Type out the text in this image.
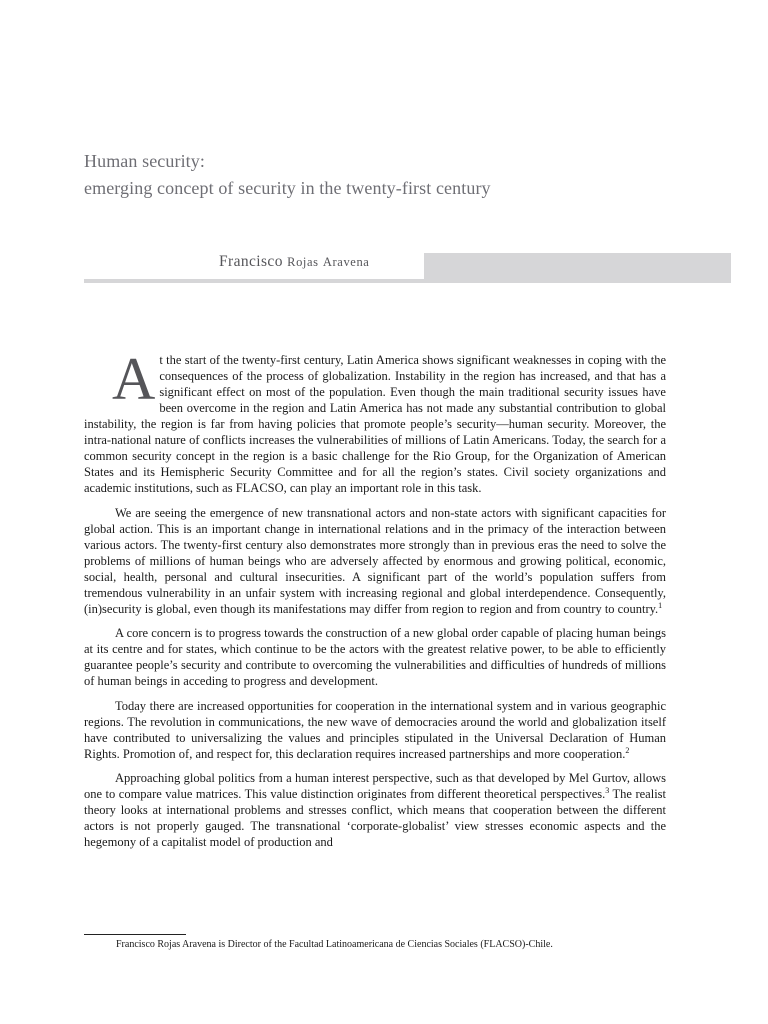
Human security:
emerging concept of security in the twenty-first century
Francisco Rojas Aravena

At the start of the twenty-first century, Latin America shows significant weaknesses in coping with the consequences of the process of globalization. Instability in the region has increased, and that has a significant effect on most of the population. Even though the main traditional security issues have been overcome in the region and Latin America has not made any substantial contribution to global instability, the region is far from having policies that promote people’s security—human security. Moreover, the intra-national nature of conflicts increases the vulnerabilities of millions of Latin Americans. Today, the search for a common security concept in the region is a basic challenge for the Rio Group, for the Organization of American States and its Hemispheric Security Committee and for all the region’s states. Civil society organizations and academic institutions, such as FLACSO, can play an important role in this task.

We are seeing the emergence of new transnational actors and non-state actors with significant capacities for global action. This is an important change in international relations and in the primacy of the interaction between various actors. The twenty-first century also demonstrates more strongly than in previous eras the need to solve the problems of millions of human beings who are adversely affected by enormous and growing political, economic, social, health, personal and cultural insecurities. A significant part of the world’s population suffers from tremendous vulnerability in an unfair system with increasing regional and global interdependence. Consequently, (in)security is global, even though its manifestations may differ from region to region and from country to country.$^1$

A core concern is to progress towards the construction of a new global order capable of placing human beings at its centre and for states, which continue to be the actors with the greatest relative power, to be able to efficiently guarantee people’s security and contribute to overcoming the vulnerabilities and difficulties of hundreds of millions of human beings in acceding to progress and development.

Today there are increased opportunities for cooperation in the international system and in various geographic regions. The revolution in communications, the new wave of democracies around the world and globalization itself have contributed to universalizing the values and principles stipulated in the Universal Declaration of Human Rights. Promotion of, and respect for, this declaration requires increased partnerships and more cooperation.$^2$

Approaching global politics from a human interest perspective, such as that developed by Mel Gurtov, allows one to compare value matrices. This value distinction originates from different theoretical perspectives.$^3$ The realist theory looks at international problems and stresses conflict, which means that cooperation between the different actors is not properly gauged. The transnational ‘corporate-globalist’ view stresses economic aspects and the hegemony of a capitalist model of production and

Francisco Rojas Aravena is Director of the Facultad Latinoamericana de Ciencias Sociales (FLACSO)-Chile.
